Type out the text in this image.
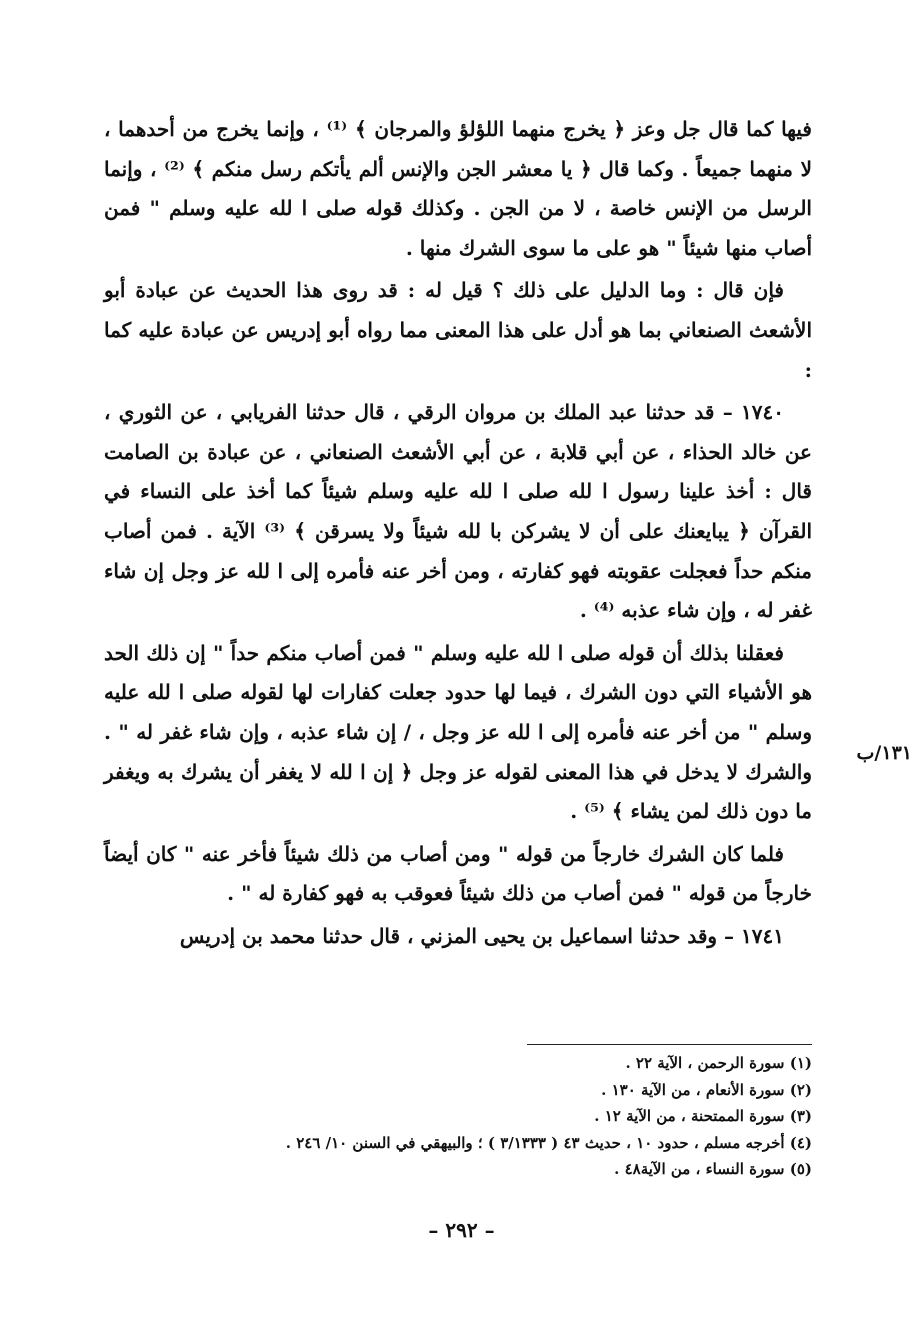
فيها كما قال جل وعز ﴿ يخرج منهما اللؤلؤ والمرجان ﴾ ⁽¹⁾ ، وإنما يخرج من أحدهما ، لا منهما جميعاً . وكما قال ﴿ يا معشر الجن والإنس ألم يأتكم رسل منكم ﴾ ⁽²⁾ ، وإنما الرسل من الإنس خاصة ، لا من الجن . وكذلك قوله صلى ا لله عليه وسلم " فمن أصاب منها شيئاً " هو على ما سوى الشرك منها .

فإن قال : وما الدليل على ذلك ؟ قيل له : قد روى هذا الحديث عن عبادة أبو الأشعث الصنعاني بما هو أدل على هذا المعنى مما رواه أبو إدريس عن عبادة عليه كما :

١٧٤٠ – قد حدثنا عبد الملك بن مروان الرقي ، قال حدثنا الفريابي ، عن الثوري ، عن خالد الحذاء ، عن أبي قلابة ، عن أبي الأشعث الصنعاني ، عن عبادة بن الصامت قال : أخذ علينا رسول ا لله صلى ا لله عليه وسلم شيئاً كما أخذ على النساء في القرآن ﴿ يبايعنك على أن لا يشركن با لله شيئاً ولا يسرقن ﴾ ⁽³⁾ الآية . فمن أصاب منكم حداً فعجلت عقوبته فهو كفارته ، ومن أخر عنه فأمره إلى ا لله عز وجل إن شاء غفر له ، وإن شاء عذبه ⁽⁴⁾ .

فعقلنا بذلك أن قوله صلى ا لله عليه وسلم " فمن أصاب منكم حداً " إن ذلك الحد هو الأشياء التي دون الشرك ، فيما لها حدود جعلت كفارات لها لقوله صلى ا لله عليه وسلم " من أخر عنه فأمره إلى ا لله عز وجل ، / إن شاء عذبه ، وإن شاء غفر له " . والشرك لا يدخل في هذا المعنى لقوله عز وجل ﴿ إن ا لله لا يغفر أن يشرك به ويغفر ما دون ذلك لمن يشاء ﴾ ⁽⁵⁾ .

فلما كان الشرك خارجاً من قوله " ومن أصاب من ذلك شيئاً فأخر عنه " كان أيضاً خارجاً من قوله " فمن أصاب من ذلك شيئاً فعوقب به فهو كفارة له " .

١٧٤١ – وقد حدثنا اسماعيل بن يحيى المزني ، قال حدثنا محمد بن إدريس

١٣١/ب
(١) سورة الرحمن ، الآية ٢٢ .
(٢) سورة الأنعام ، من الآية ١٣٠ .
(٣) سورة الممتحنة ، من الآية ١٢ .
(٤) أخرجه مسلم ، حدود ١٠ ، حديث ٤٣ ( ٣/١٣٣٣ ) ؛ والبيهقي في السنن ١٠/ ٢٤٦ .
(٥) سورة النساء ، من الآية٤٨ .
– ٢٩٢ –
